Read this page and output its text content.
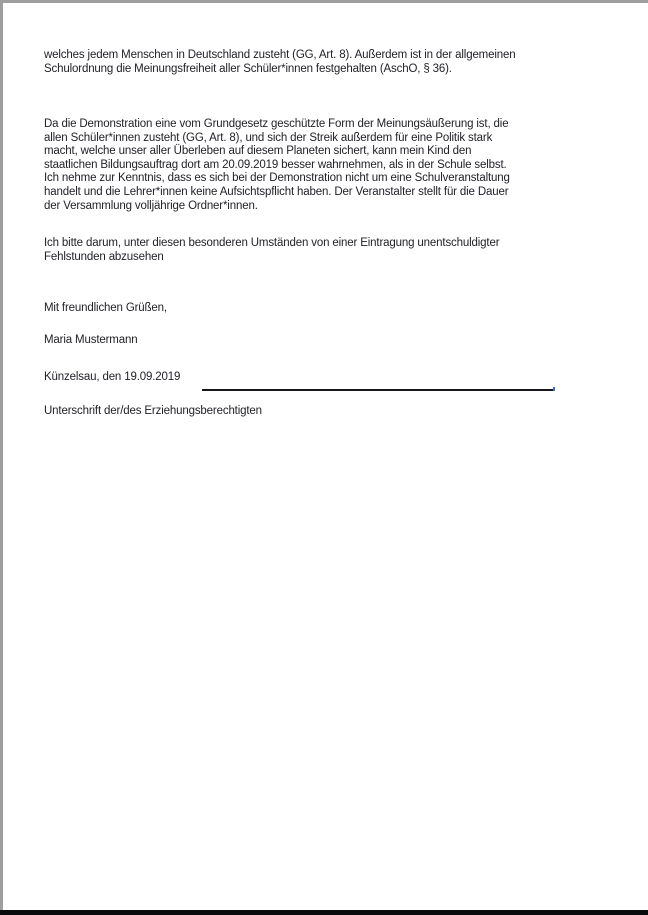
welches jedem Menschen in Deutschland zusteht (GG, Art. 8). Außerdem ist in der allgemeinen
Schulordnung die Meinungsfreiheit aller Schüler*innen festgehalten (AschO, § 36).
Da die Demonstration eine vom Grundgesetz geschützte Form der Meinungsäußerung ist, die
allen Schüler*innen zusteht (GG, Art. 8), und sich der Streik außerdem für eine Politik stark
macht, welche unser aller Überleben auf diesem Planeten sichert, kann mein Kind den
staatlichen Bildungsauftrag dort am 20.09.2019 besser wahrnehmen, als in der Schule selbst.
Ich nehme zur Kenntnis, dass es sich bei der Demonstration nicht um eine Schulveranstaltung
handelt und die Lehrer*innen keine Aufsichtspflicht haben. Der Veranstalter stellt für die Dauer
der Versammlung volljährige Ordner*innen.
Ich bitte darum, unter diesen besonderen Umständen von einer Eintragung unentschuldigter
Fehlstunden abzusehen
Mit freundlichen Grüßen,
Maria Mustermann
Künzelsau, den 19.09.2019
Unterschrift der/des Erziehungsberechtigten
